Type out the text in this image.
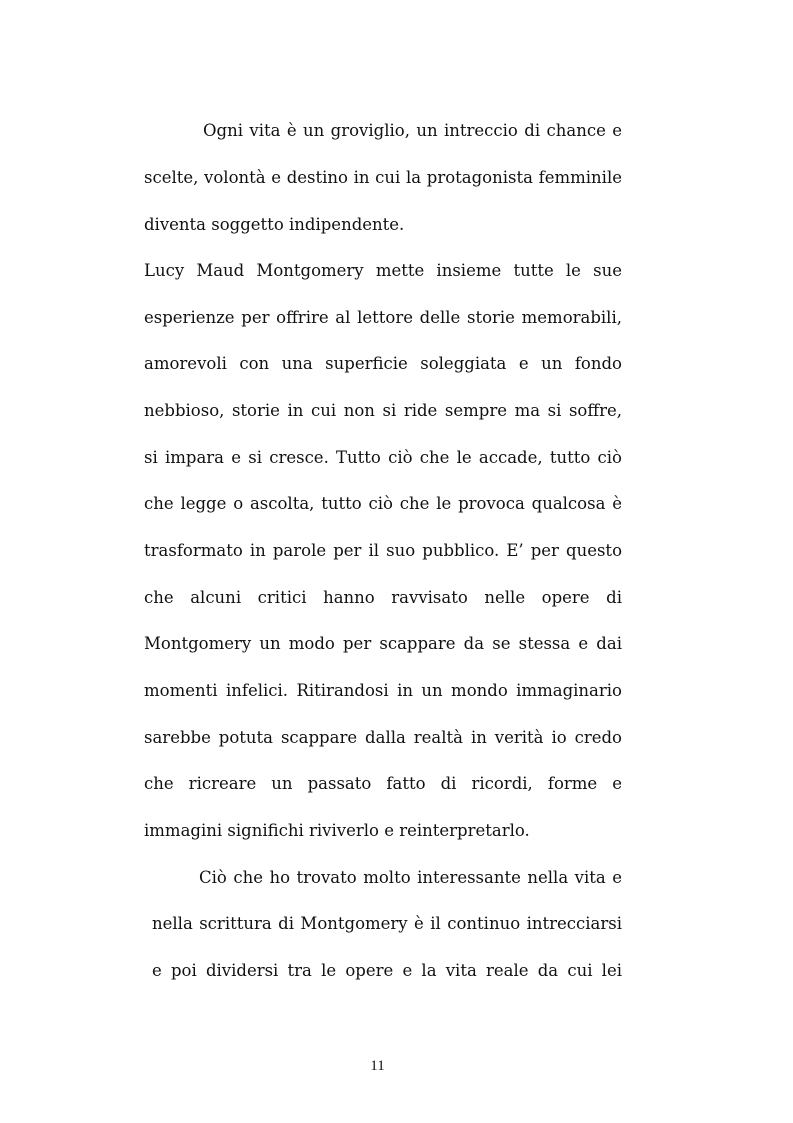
Ogni vita è un groviglio, un intreccio di chance e
scelte, volontà e destino in cui la protagonista femminile
diventa soggetto indipendente.
Lucy Maud Montgomery mette insieme tutte le sue
esperienze per offrire al lettore delle storie memorabili,
amorevoli con una superficie soleggiata e un fondo
nebbioso, storie in cui non si ride sempre ma si soffre,
si impara e si cresce. Tutto ciò che le accade, tutto ciò
che legge o ascolta, tutto ciò che le provoca qualcosa è
trasformato in parole per il suo pubblico. E’ per questo
che alcuni critici hanno ravvisato nelle opere di
Montgomery un modo per scappare da se stessa e dai
momenti infelici. Ritirandosi in un mondo immaginario
sarebbe potuta scappare dalla realtà in verità io credo
che ricreare un passato fatto di ricordi, forme e
immagini significhi riviverlo e reinterpretarlo.
Ciò che ho trovato molto interessante nella vita e
nella scrittura di Montgomery è il continuo intrecciarsi
e poi dividersi tra le opere e la vita reale da cui lei
11
